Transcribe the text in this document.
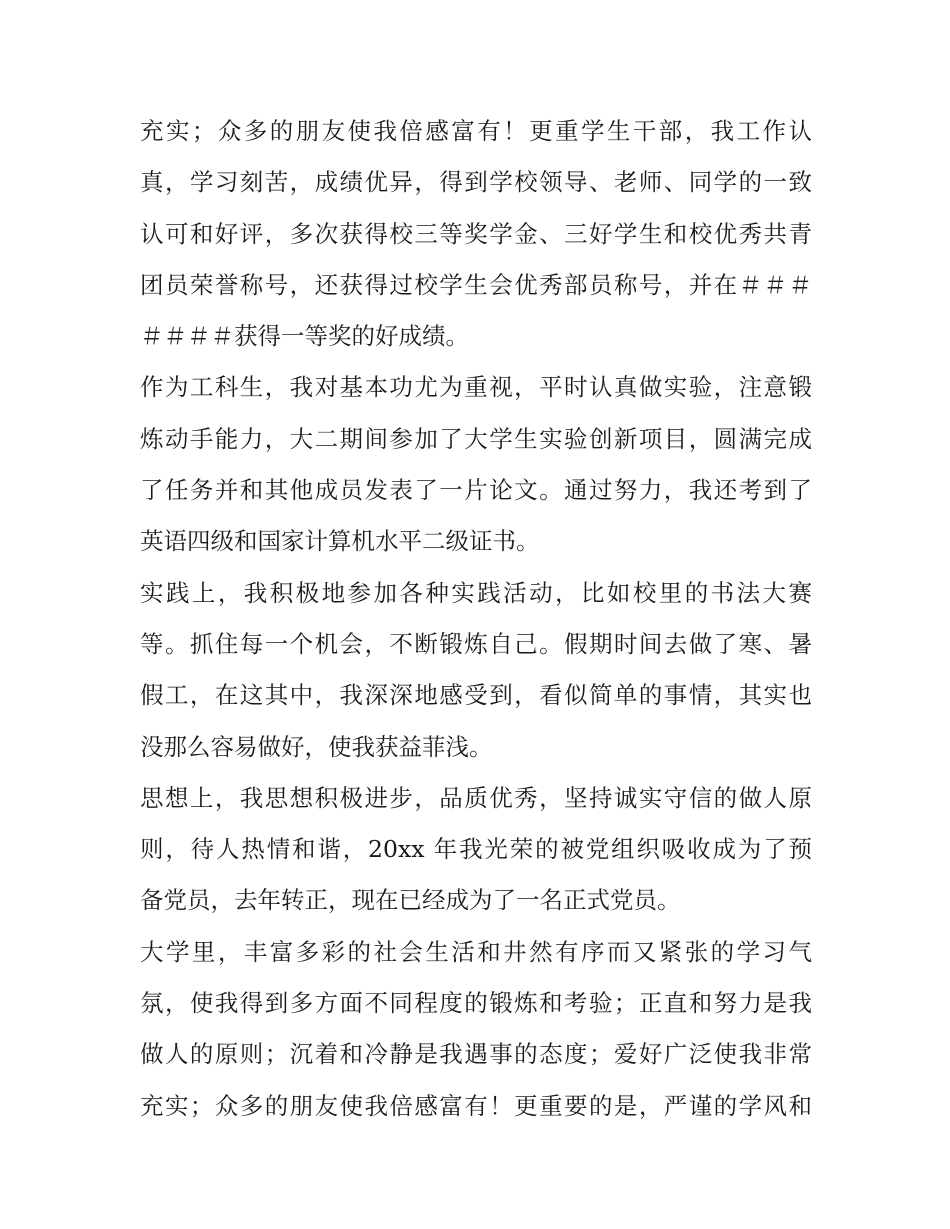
充实；众多的朋友使我倍感富有！更重学生干部，我工作认
真，学习刻苦，成绩优异，得到学校领导、老师、同学的一致
认可和好评，多次获得校三等奖学金、三好学生和校优秀共青
团员荣誉称号，还获得过校学生会优秀部员称号，并在＃＃＃
＃＃＃＃获得一等奖的好成绩。
作为工科生，我对基本功尤为重视，平时认真做实验，注意锻
炼动手能力，大二期间参加了大学生实验创新项目，圆满完成
了任务并和其他成员发表了一片论文。通过努力，我还考到了
英语四级和国家计算机水平二级证书。
实践上，我积极地参加各种实践活动，比如校里的书法大赛
等。抓住每一个机会，不断锻炼自己。假期时间去做了寒、暑
假工，在这其中，我深深地感受到，看似简单的事情，其实也
没那么容易做好，使我获益菲浅。
思想上，我思想积极进步，品质优秀，坚持诚实守信的做人原
则，待人热情和谐，20xx 年我光荣的被党组织吸收成为了预
备党员，去年转正，现在已经成为了一名正式党员。
大学里，丰富多彩的社会生活和井然有序而又紧张的学习气
氛，使我得到多方面不同程度的锻炼和考验；正直和努力是我
做人的原则；沉着和冷静是我遇事的态度；爱好广泛使我非常
充实；众多的朋友使我倍感富有！更重要的是，严谨的学风和
